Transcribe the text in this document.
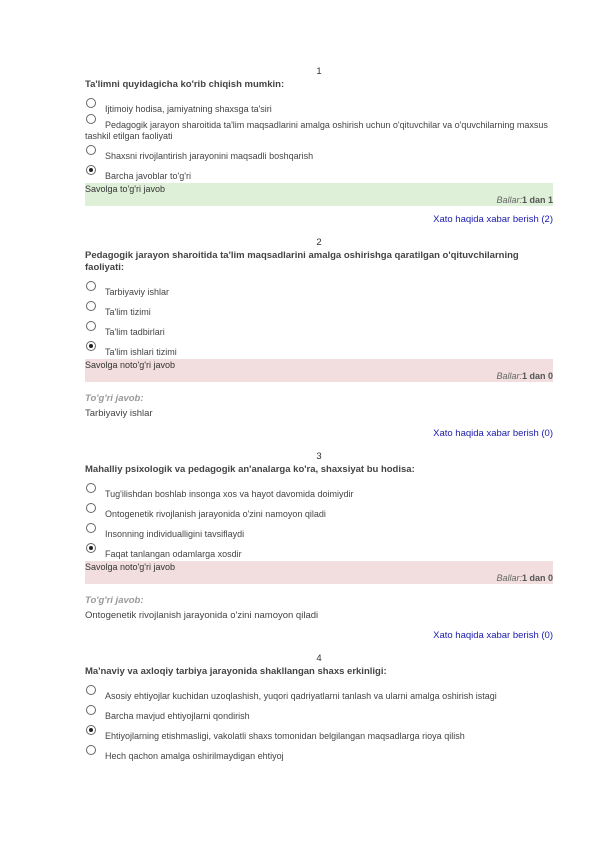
1
Ta'limni quyidagicha ko'rib chiqish mumkin:
Ijtimoiy hodisa, jamiyatning shaxsga ta'siri
Pedagogik jarayon sharoitida ta'lim maqsadlarini amalga oshirish uchun o'qituvchilar va o'quvchilarning maxsus tashkil etilgan faoliyati
Shaxsni rivojlantirish jarayonini maqsadli boshqarish
Barcha javoblar to'g'ri
Savolga to'g'ri javob
Ballar:1 dan 1
Xato haqida xabar berish (2)
2
Pedagogik jarayon sharoitida ta'lim maqsadlarini amalga oshirishga qaratilgan o'qituvchilarning faoliyati:
Tarbiyaviy ishlar
Ta'lim tizimi
Ta'lim tadbirlari
Ta'lim ishlari tizimi
Savolga noto'g'ri javob
Ballar:1 dan 0
To'g'ri javob:
Tarbiyaviy ishlar
Xato haqida xabar berish (0)
3
Mahalliy psixologik va pedagogik an'analarga ko'ra, shaxsiyat bu hodisa:
Tug'ilishdan boshlab insonga xos va hayot davomida doimiydir
Ontogenetik rivojlanish jarayonida o'zini namoyon qiladi
Insonning individualligini tavsiflaydi
Faqat tanlangan odamlarga xosdir
Savolga noto'g'ri javob
Ballar:1 dan 0
To'g'ri javob:
Ontogenetik rivojlanish jarayonida o'zini namoyon qiladi
Xato haqida xabar berish (0)
4
Ma'naviy va axloqiy tarbiya jarayonida shakllangan shaxs erkinligi:
Asosiy ehtiyojlar kuchidan uzoqlashish, yuqori qadriyatlarni tanlash va ularni amalga oshirish istagi
Barcha mavjud ehtiyojlarni qondirish
Ehtiyojlarning etishmasligi, vakolatli shaxs tomonidan belgilangan maqsadlarga rioya qilish
Hech qachon amalga oshirilmaydigan ehtiyoj
